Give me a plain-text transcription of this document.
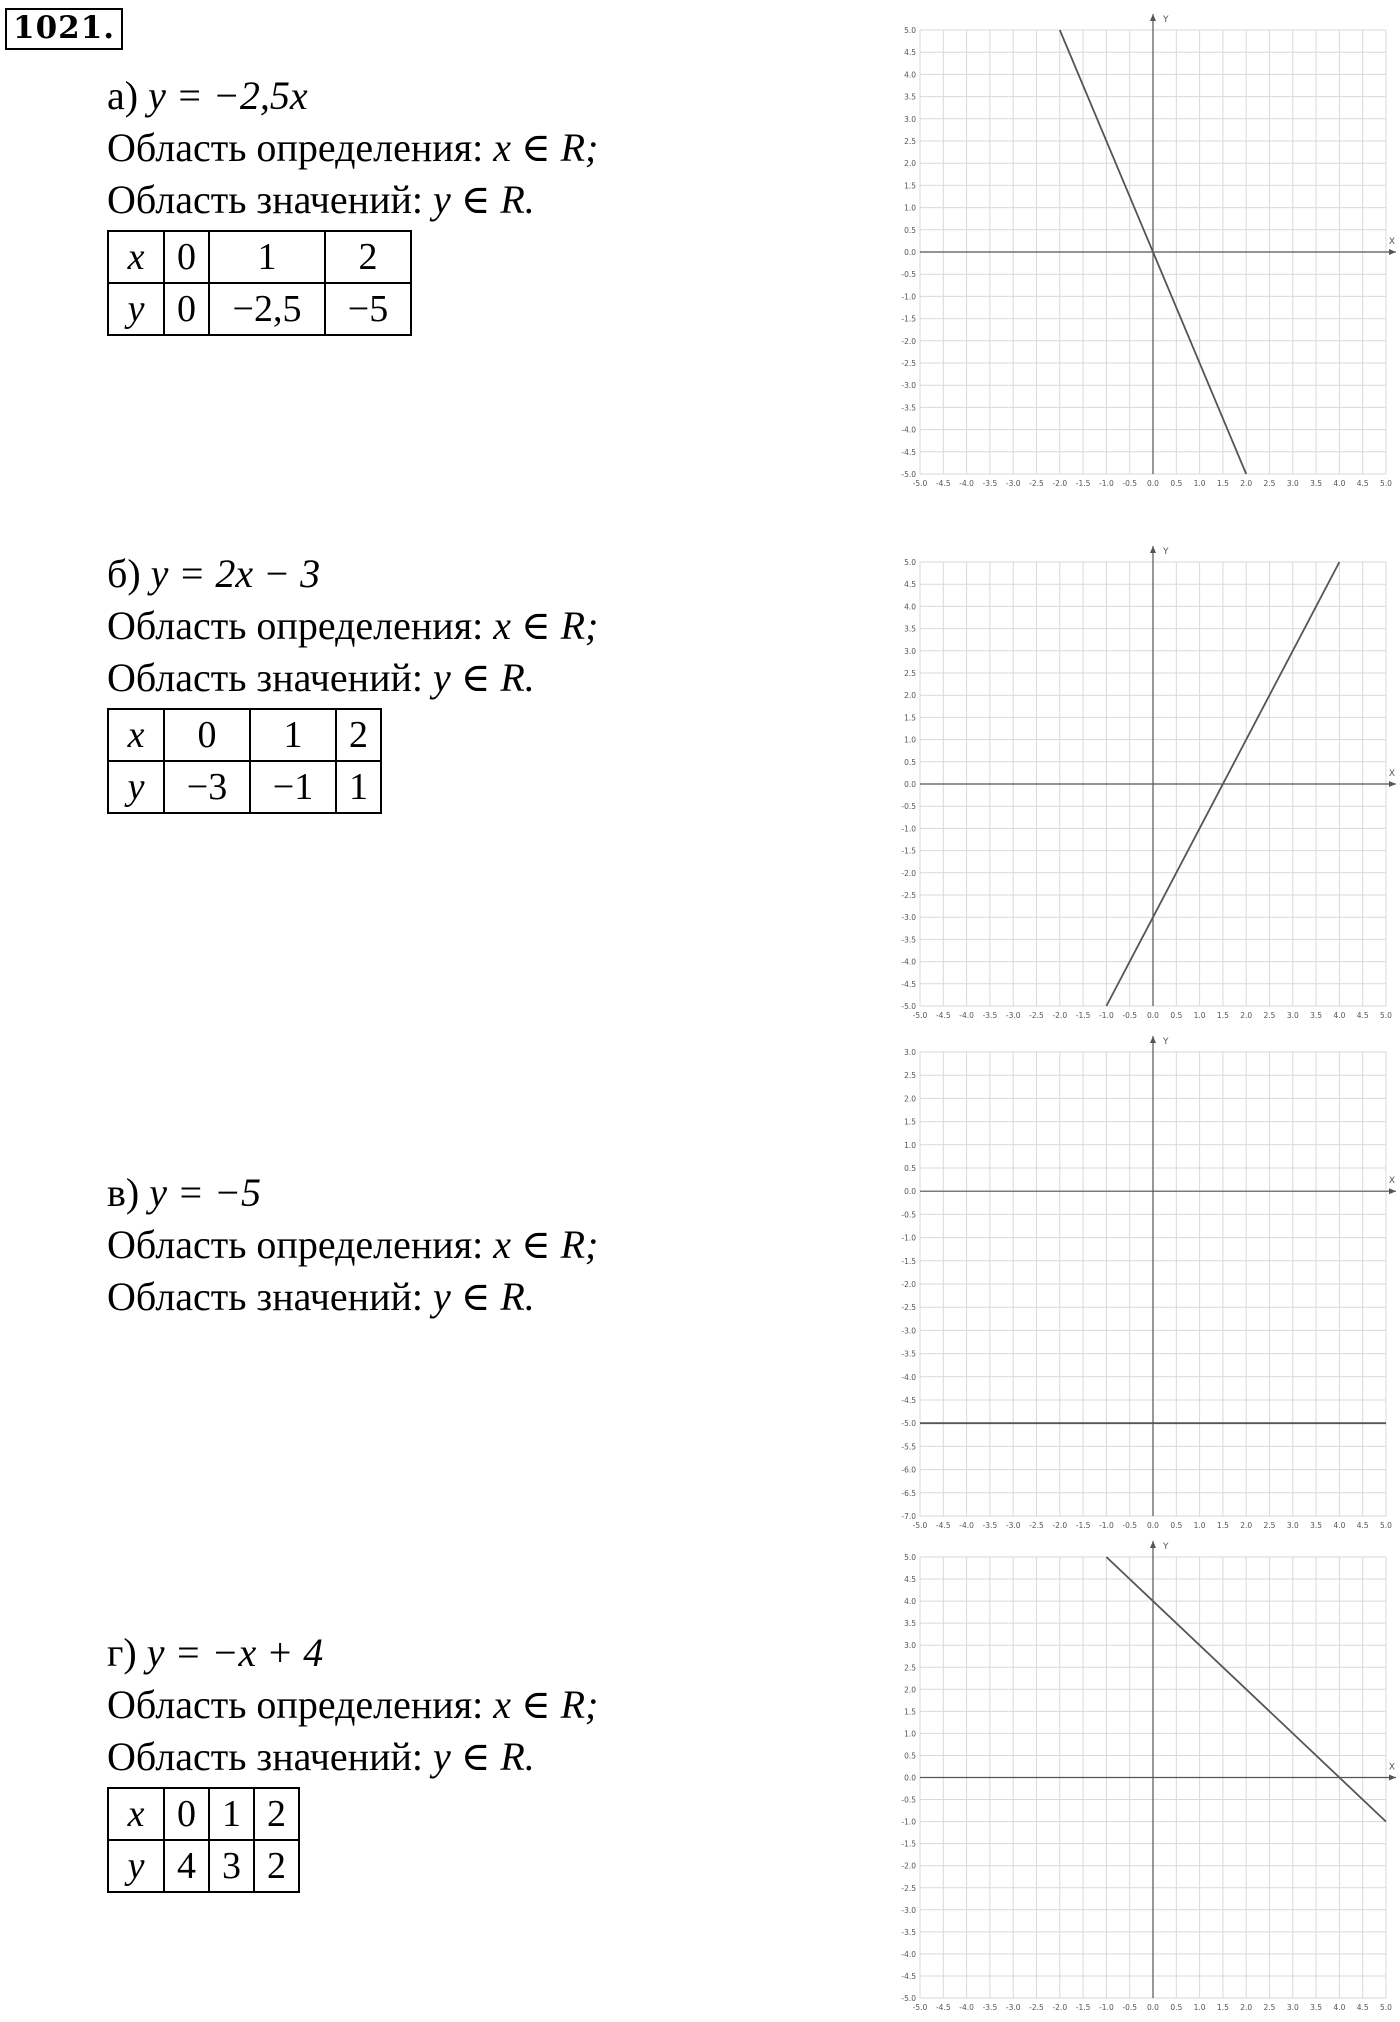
1021.
а) y = −2,5x
Область определения: x ∈ R;
Область значений: y ∈ R.
x	0	1	2
y	0	−2,5	−5
б) y = 2x − 3
Область определения: x ∈ R;
Область значений: y ∈ R.
x	0	1	2
y	−3	−1	1
в) y = −5
Область определения: x ∈ R;
Область значений: y ∈ R.
г) y = −x + 4
Область определения: x ∈ R;
Область значений: y ∈ R.
x	0	1	2
y	4	3	2
-5.0 -4.5 -4.0 -3.5 -3.0 -2.5 -2.0 -1.5 -1.0 -0.5 0.0 0.5 1.0 1.5 2.0 2.5 3.0 3.5 4.0 4.5 5.0
-5.0
-4.5
-4.0
-3.5
-3.0
-2.5
-2.0
-1.5
-1.0
-0.5
0.0
0.5
1.0
1.5
2.0
2.5
3.0
3.5
4.0
4.5
5.0
X
Y
-5.0 -4.5 -4.0 -3.5 -3.0 -2.5 -2.0 -1.5 -1.0 -0.5 0.0 0.5 1.0 1.5 2.0 2.5 3.0 3.5 4.0 4.5 5.0
-5.0
-4.5
-4.0
-3.5
-3.0
-2.5
-2.0
-1.5
-1.0
-0.5
0.0
0.5
1.0
1.5
2.0
2.5
3.0
3.5
4.0
4.5
5.0
X
Y
-5.0 -4.5 -4.0 -3.5 -3.0 -2.5 -2.0 -1.5 -1.0 -0.5 0.0 0.5 1.0 1.5 2.0 2.5 3.0 3.5 4.0 4.5 5.0
-7.0
-6.5
-6.0
-5.5
-5.0
-4.5
-4.0
-3.5
-3.0
-2.5
-2.0
-1.5
-1.0
-0.5
0.0
0.5
1.0
1.5
2.0
2.5
3.0
X
Y
-5.0 -4.5 -4.0 -3.5 -3.0 -2.5 -2.0 -1.5 -1.0 -0.5 0.0 0.5 1.0 1.5 2.0 2.5 3.0 3.5 4.0 4.5 5.0
-5.0
-4.5
-4.0
-3.5
-3.0
-2.5
-2.0
-1.5
-1.0
-0.5
0.0
0.5
1.0
1.5
2.0
2.5
3.0
3.5
4.0
4.5
5.0
X
Y
